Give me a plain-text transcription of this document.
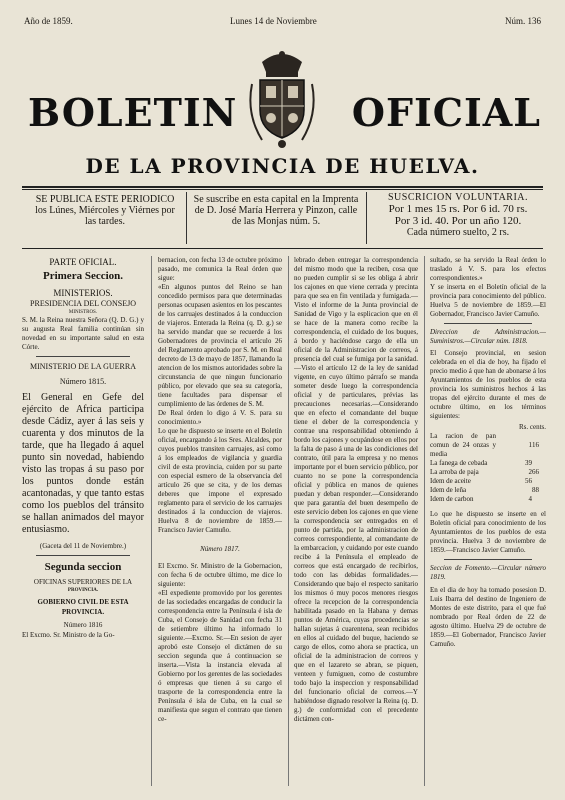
Año de 1859.	Lunes 14 de Noviembre	Núm. 136
BOLETIN	OFICIAL
DE LA PROVINCIA DE HUELVA.
SE PUBLICA ESTE PERIODICO los Lúnes, Miércoles y Viérnes por las tardes.
Se suscribe en esta capital en la Imprenta de D. José María Herrera y Pinzon, calle de las Monjas núm. 5.
SUSCRICION VOLUNTARIA.
Por 1 mes 15 rs. Por 6 id. 70 rs.
Por 3 id. 40. Por un año 120.
Cada número suelto, 2 rs.
PARTE OFICIAL.
Primera Seccion.
MINISTERIOS.
PRESIDENCIA DEL CONSEJO
MINISTROS.
S. M. la Reina nuestra Señora (Q. D. G.) y su augusta Real familia continúan sin novedad en su importante salud en esta Córte.
MINISTERIO DE LA GUERRA
Número 1815.
El General en Gefe del ejército de Africa participa desde Cádiz, ayer á las seis y cuarenta y dos minutos de la tarde, que ha llegado á aquel punto sin novedad, habiendo visto las tropas á su paso por los puntos donde están acantonadas, y que tanto estas como los pueblos del tránsito se hallan animados del mayor entusiasmo.
(Gaceta del 11 de Noviembre.)
Segunda seccion
OFICINAS SUPERIORES DE LA
PROVINCIA.
GOBIERNO CIVIL DE ESTA PROVINCIA.
Número 1816
El Excmo. Sr. Ministro de la Go-
bernacion, con fecha 13 de octubre próximo pasado, me comunica la Real órden que sigue:
«En algunos puntos del Reino se han concedido permisos para que determinadas personas ocupasen asientos en los pescantes de los carruajes destinados á la conduccion de viajeros. Enterada la Reina (q. D. g.) se ha servido mandar que se recuerde á los Gobernadores de provincia el artículo 26 del Reglamento aprobado por S. M. en Real decreto de 13 de mayo de 1857, llamando la atencion de los mismos autoridades sobre la circunstancia de que ningun funcionario público, por elevado que sea su categoría, tiene facultades para dispensar el cumplimiento de las órdenes de S. M.
De Real órden lo digo á V. S. para su conocimiento.»
Lo que he dispuesto se inserte en el Boletín oficial, encargando á los Sres. Alcaldes, por cuyos pueblos transiten carruajes, así como á los empleados de vigilancia y guardia civil de esta provincia, cuiden por su parte con especial esmero de la observancia del artículo 26 que se cita, y de los demas deberes que impone el expresado reglamento para el servicio de los carruajes destinados á la conduccion de viajeros. Huelva 8 de noviembre de 1859.—Francisco Javier Camuño.
Número 1817.
El Excmo. Sr. Ministro de la Gobernacion, con fecha 6 de octubre último, me dice lo siguiente:
«El expediente promovido por los gerentes de las sociedades encargadas de conducir la correspondencia entre la Península é isla de Cuba, el Consejo de Sanidad con fecha 31 de setiembre último ha informado lo siguiente.—Excmo. Sr.—En sesion de ayer aprobó este Consejo el dictámen de su seccion segunda que á continuacion se inserta.—Vista la instancia elevada al Gobierno por los gerentes de las sociedades ó empresas que tienen á su cargo el trasporte de la correspondencia entre la Península é isla de Cuba, en la cual se manifiesta que segun el contrato que tienen ce-
lebrado deben entregar la correspondencia del mismo modo que la reciben, cosa que no pueden cumplir si se les obliga á abrir los cajones en que viene cerrada y precinta para que sea en fin ventilada y fumigada.—Visto el informe de la Junta provincial de Sanidad de Vigo y la esplicacion que en él se hace de la manera como recibe la correspondencia, el cuidado de los buques, á bordo y haciéndose cargo de ella un oficial de la Administracion de correos, á presencia del cual se fumiga por la sanidad.—Visto el artículo 12 de la ley de sanidad vigente, en cuyo último párrafo se manda someter desde luego la correspondencia oficial y de particulares, prévias las precauciones necesarias.—Considerando que en efecto el comandante del buque tiene el deber de la correspondencia y contrae una responsabilidad obteniendo á bordo los cajones y ocupándose en ellos por la falta de paso á una de las condiciones del contrato, útil para la empresa y no menos importante por el buen servicio público, por cuanto no se pone la correspondencia oficial y pública en manos de quienes puedan y deban responder.—Considerando que para garantía del buen desempeño de este servicio deben los cajones en que viene la correspondencia ser entregados en el punto de partida, por la administracion de correos correspondiente, al comandante de la embarcacion, y cuidando por este cuando recibe á la Península el empleado de correos que está encargado de recibirlos, todo con las debidas formalidades.—Considerando que bajo el respecto sanitario los mismos ó muy pocos menores riesgos ofrece la recepcion de la correspondencia habilitada pasado en la Habana y demas puntos de América, cuyas procedencias se hallan sujetas á cuarentena, sean recibidos en ellos al cuidado del buque, haciendo se cargo de ellos, como ahora se practica, un oficial de la administracion de correos y que en el lazareto se abran, se piquen, venteen y fumiguen, como de costumbre todo bajo la inspeccion y responsabilidad del funcionario oficial de correos.—Y habiéndose dignado resolver la Reina (q. D. g.) de conformidad con el precedente dictámen con-
sultado, se ha servido la Real órden lo traslado á V. S. para los efectos correspondientes.»
Y se inserta en el Boletín oficial de la provincia para conocimiento del público. Huelva 5 de noviembre de 1859.—El Gobernador, Francisco Javier Camuño.
Direccion de Administracion.—Suministros.—Circular núm. 1818.
El Consejo provincial, en sesion celebrada en el dia de hoy, ha fijado el precio medio á que han de abonarse á los Ayuntamientos de los pueblos de esta provincia los suministros hechos á las tropas del ejército durante el mes de octubre último, en los términos siguientes:
Rs. cents.
La racion de pan comun de 24 onzas y media	1	16
La fanega de cebada	39	
La arroba de paja	2	66
Idem de aceite	56	
Idem de leña		88
Idem de carbon	4	
Lo que he dispuesto se inserte en el Boletín oficial para conocimiento de los Ayuntamientos de los pueblos de esta provincia. Huelva 3 de noviembre de 1859.—Francisco Javier Camuño.
Seccion de Fomento.—Circular número 1819.
En el dia de hoy ha tomado posesion D. Luis Ibarra del destino de Ingeniero de Montes de este distrito, para el que fué nombrado por Real órden de 22 de agosto último. Huelva 29 de octubre de 1859.—El Gobernador, Francisco Javier Camuño.
